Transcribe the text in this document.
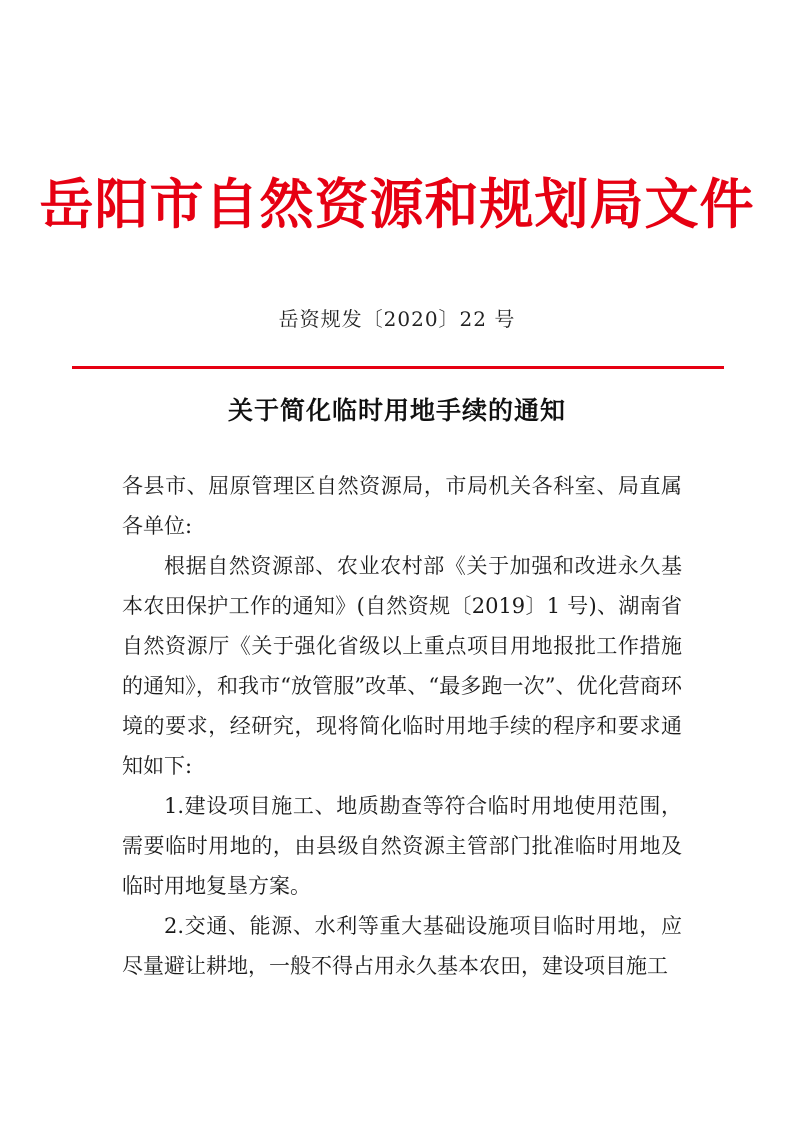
岳阳市自然资源和规划局文件
岳资规发〔2020〕22 号
关于简化临时用地手续的通知

各县市、屈原管理区自然资源局，市局机关各科室、局直属各单位:

根据自然资源部、农业农村部《关于加强和改进永久基本农田保护工作的通知》(自然资规〔2019〕1 号)、湖南省自然资源厅《关于强化省级以上重点项目用地报批工作措施的通知》，和我市“放管服”改革、“最多跑一次”、优化营商环境的要求，经研究，现将简化临时用地手续的程序和要求通知如下:

1.建设项目施工、地质勘查等符合临时用地使用范围，需要临时用地的，由县级自然资源主管部门批准临时用地及临时用地复垦方案。

2.交通、能源、水利等重大基础设施项目临时用地，应尽量避让耕地，一般不得占用永久基本农田，建设项目施工
